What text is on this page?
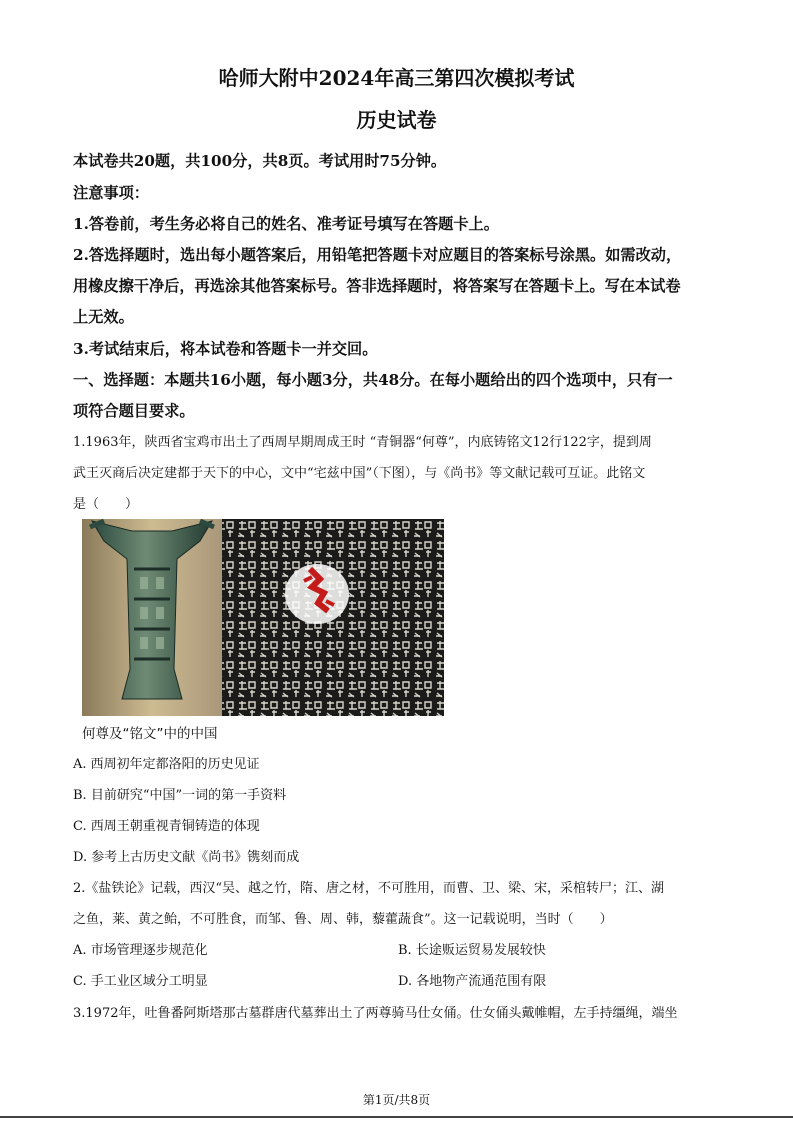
哈师大附中2024年高三第四次模拟考试
历史试卷
本试卷共20题，共100分，共8页。考试用时75分钟。
注意事项：
1.答卷前，考生务必将自己的姓名、准考证号填写在答题卡上。
2.答选择题时，选出每小题答案后，用铅笔把答题卡对应题目的答案标号涂黑。如需改动，
用橡皮擦干净后，再选涂其他答案标号。答非选择题时，将答案写在答题卡上。写在本试卷
上无效。
3.考试结束后，将本试卷和答题卡一并交回。
一、选择题：本题共16小题，每小题3分，共48分。在每小题给出的四个选项中，只有一
项符合题目要求。
1.1963年，陕西省宝鸡市出土了西周早期周成王时 “青铜器“何尊”，内底铸铭文12行122字，提到周
武王灭商后决定建都于天下的中心，文中“宅兹中国”（下图），与《尚书》等文献记载可互证。此铭文
是（　　）
何尊及“铭文”中的中国
A. 西周初年定都洛阳的历史见证
B. 目前研究“中国”一词的第一手资料
C. 西周王朝重视青铜铸造的体现
D. 参考上古历史文献《尚书》镌刻而成
2.《盐铁论》记载，西汉“吴、越之竹，隋、唐之材，不可胜用，而曹、卫、梁、宋，采棺转尸；江、湖
之鱼，莱、黄之鲐，不可胜食，而邹、鲁、周、韩，藜藿蔬食”。这一记载说明，当时（　　）
A. 市场管理逐步规范化	B. 长途贩运贸易发展较快
C. 手工业区域分工明显	D. 各地物产流通范围有限
3.1972年，吐鲁番阿斯塔那古墓群唐代墓葬出土了两尊骑马仕女俑。仕女俑头戴帷帽，左手持缰绳，端坐
第1页/共8页
